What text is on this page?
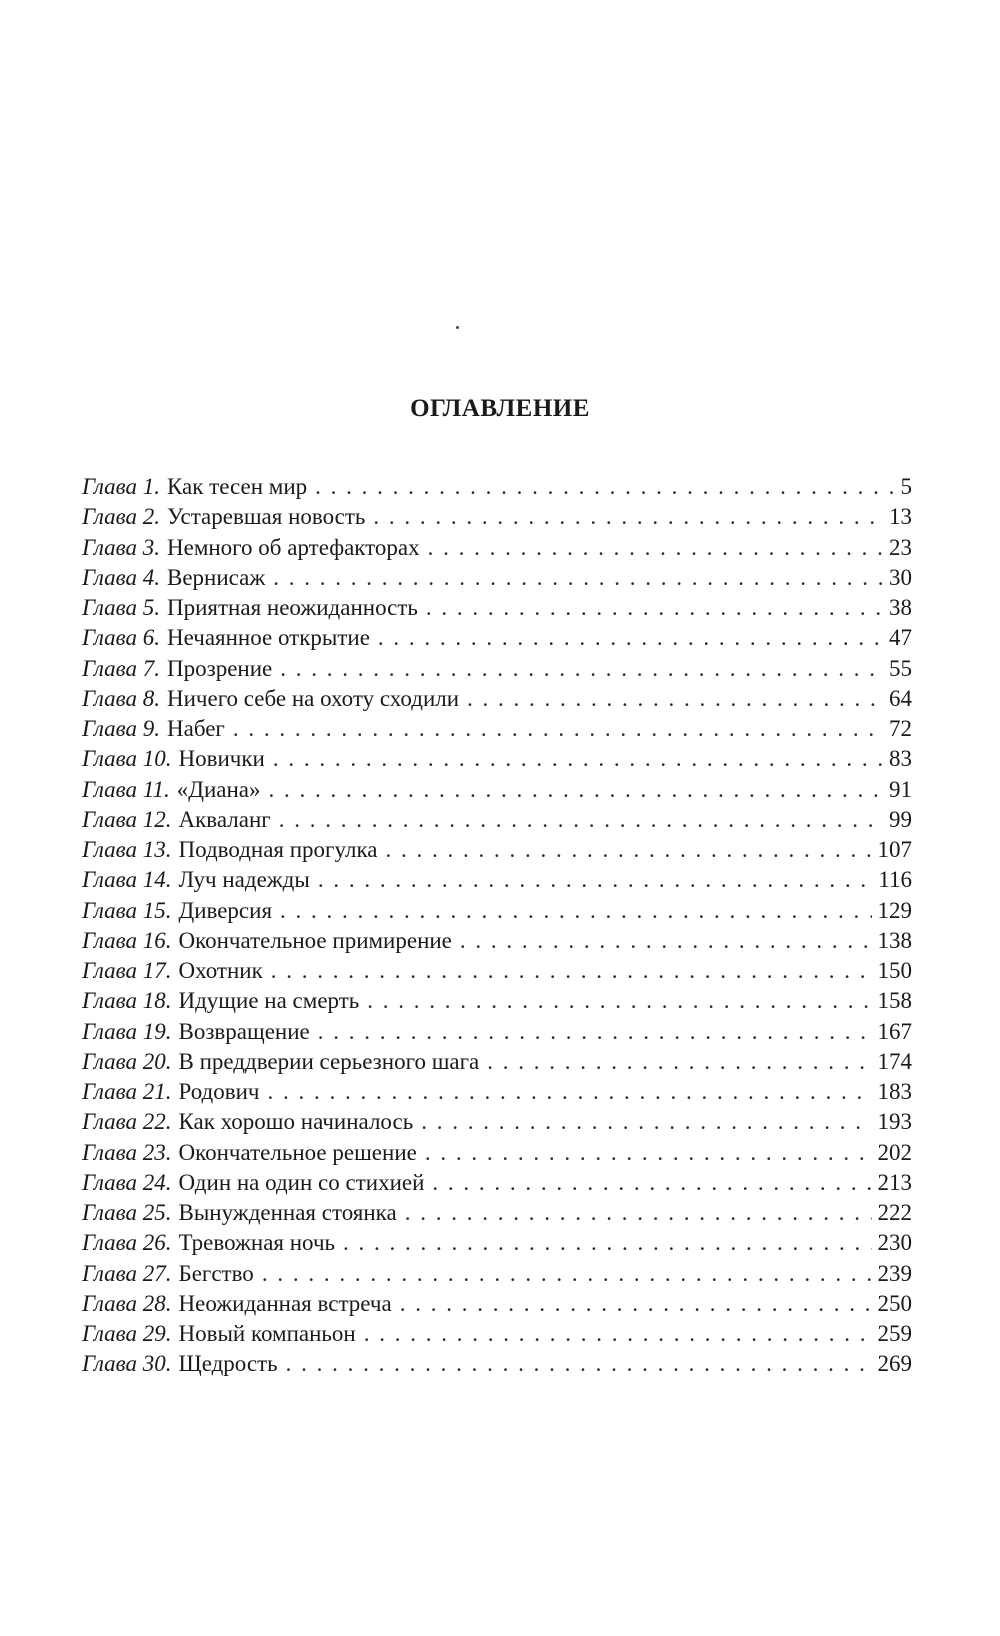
ОГЛАВЛЕНИЕ
Глава 1. Как тесен мир . . .	5
Глава 2. Устаревшая новость . . .	13
Глава 3. Немного об артефакторах . . .	23
Глава 4. Вернисаж . . .	30
Глава 5. Приятная неожиданность . . .	38
Глава 6. Нечаянное открытие . . .	47
Глава 7. Прозрение . . .	55
Глава 8. Ничего себе на охоту сходили . . .	64
Глава 9. Набег . . .	72
Глава 10. Новички . . .	83
Глава 11. «Диана» . . .	91
Глава 12. Акваланг . . .	99
Глава 13. Подводная прогулка . . .	107
Глава 14. Луч надежды . . .	116
Глава 15. Диверсия . . .	129
Глава 16. Окончательное примирение . . .	138
Глава 17. Охотник . . .	150
Глава 18. Идущие на смерть . . .	158
Глава 19. Возвращение . . .	167
Глава 20. В преддверии серьезного шага . . .	174
Глава 21. Родович . . .	183
Глава 22. Как хорошо начиналось . . .	193
Глава 23. Окончательное решение . . .	202
Глава 24. Один на один со стихией . . .	213
Глава 25. Вынужденная стоянка . . .	222
Глава 26. Тревожная ночь . . .	230
Глава 27. Бегство . . .	239
Глава 28. Неожиданная встреча . . .	250
Глава 29. Новый компаньон . . .	259
Глава 30. Щедрость . . .	269
